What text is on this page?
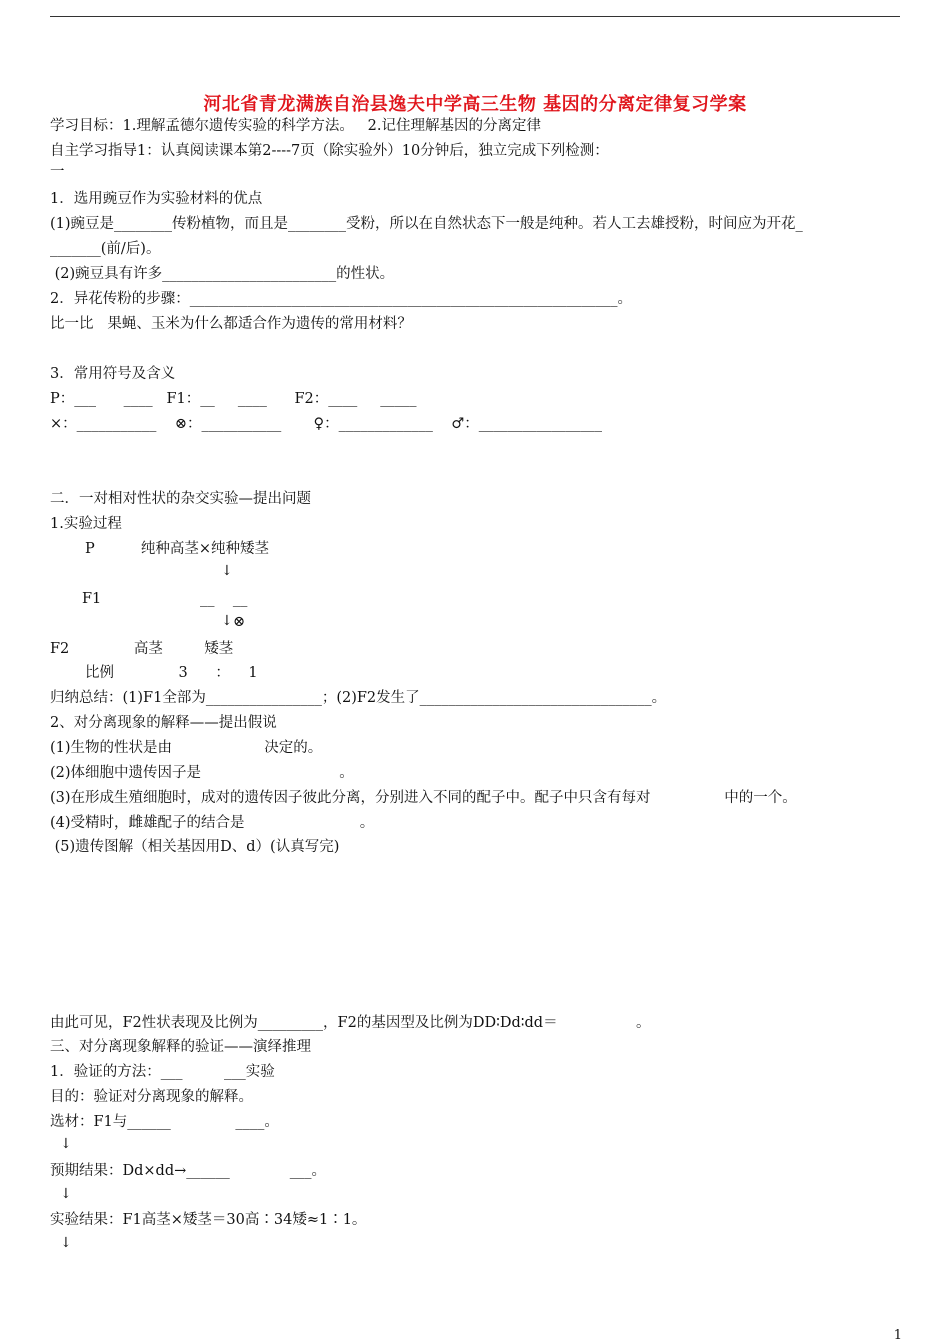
河北省青龙满族自治县逸夫中学高三生物 基因的分离定律复习学案
学习目标：1.理解孟德尔遗传实验的科学方法。   2.记住理解基因的分离定律
自主学习指导1：认真阅读课本第2----7页（除实验外）10分钟后，独立完成下列检测：
一
1．选用豌豆作为实验材料的优点
(1)豌豆是________传粉植物，而且是________受粉，所以在自然状态下一般是纯种。若人工去雄授粉，时间应为开花_
_______(前/后)。
(2)豌豆具有许多________________________的性状。
2．异花传粉的步骤：___________________________________________________________。
比一比   果蝇、玉米为什么都适合作为遗传的常用材料？
3．常用符号及含义
P：___      ____   F1：__     ____      F2：____     _____
×：___________    ⊗：___________       ♀：_____________    ♂：_________________
二．一对相对性状的杂交实验—提出问题
1.实验过程
P          纯种高茎×纯种矮茎
↓
F1	__    __
↓ ⊗
F2              高茎         矮茎
比例              3      ：    1
归纳总结：(1)F1全部为________________；(2)F2发生了________________________________。
2、对分离现象的解释——提出假说
(1)生物的性状是由                    决定的。
(2)体细胞中遗传因子是                              。
(3)在形成生殖细胞时，成对的遗传因子彼此分离，分别进入不同的配子中。配子中只含有每对                中的一个。
(4)受精时，雌雄配子的结合是                         。
(5)遗传图解（相关基因用D、d）(认真写完)
由此可见，F2性状表现及比例为_________，F2的基因型及比例为DD∶Dd∶dd＝                 。
三、对分离现象解释的验证——演绎推理
1．验证的方法：___         ___实验
目的：验证对分离现象的解释。
选材：F1与______              ____。
↓
预期结果：Dd×dd→______             ___。
↓
实验结果：F1高茎×矮茎＝30高∶34矮≈1∶1。
↓
1
